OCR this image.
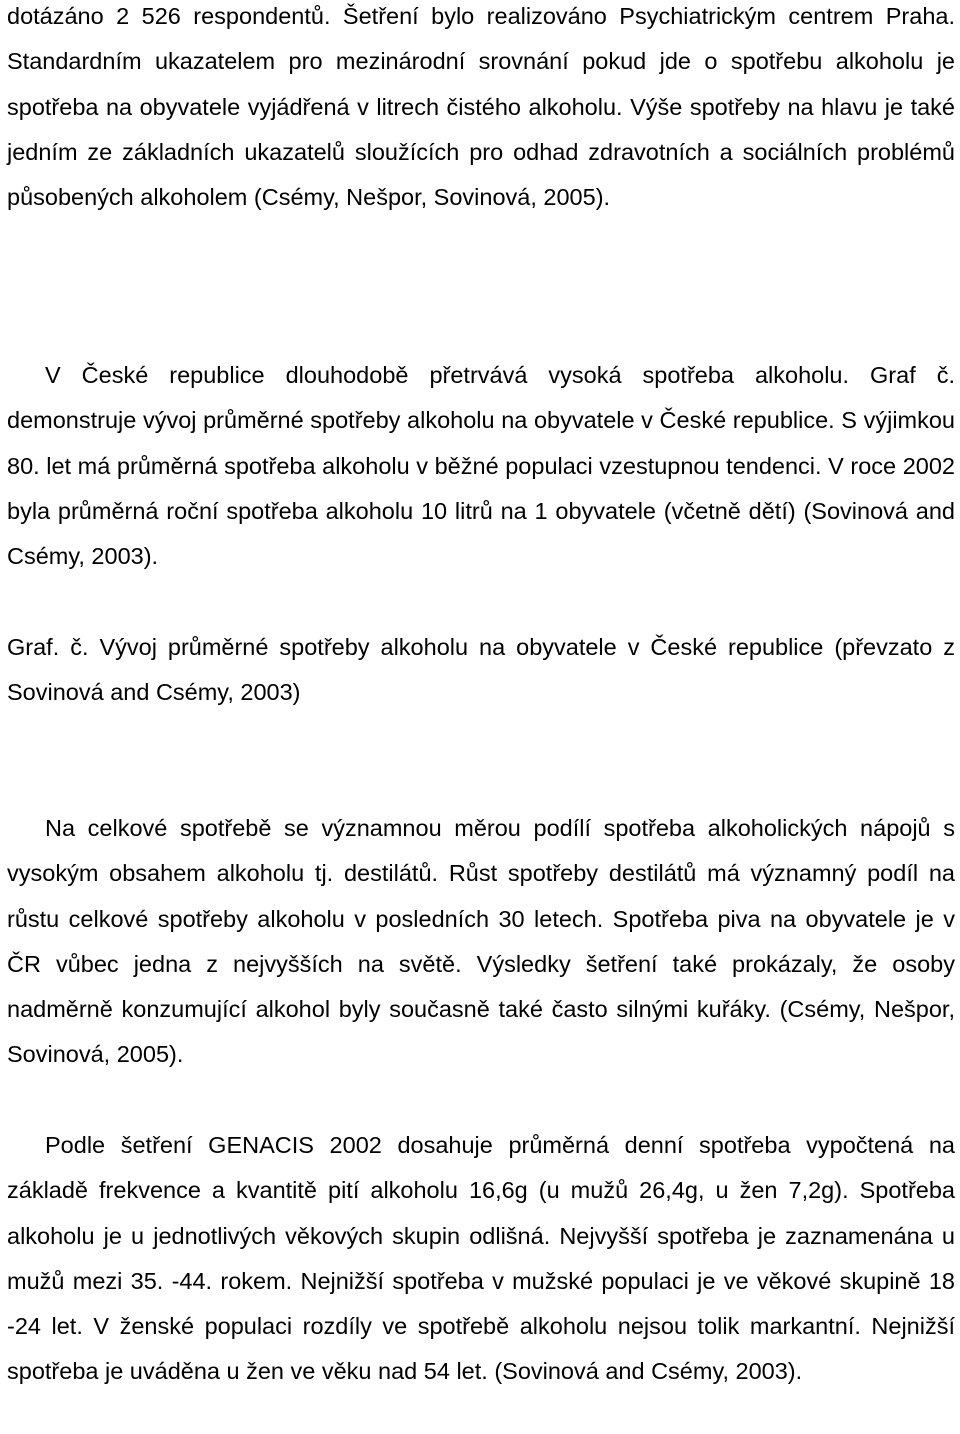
dotázáno 2 526 respondentů. Šetření bylo realizováno Psychiatrickým centrem Praha. Standardním ukazatelem pro mezinárodní srovnání pokud jde o spotřebu alkoholu je spotřeba na obyvatele vyjádřená v litrech čistého alkoholu. Výše spotřeby na hlavu je také jedním ze základních ukazatelů sloužících pro odhad zdravotních a sociálních problémů působených alkoholem (Csémy, Nešpor, Sovinová, 2005).

V České republice dlouhodobě přetrvává vysoká spotřeba alkoholu. Graf č. demonstruje vývoj průměrné spotřeby alkoholu na obyvatele v České republice. S výjimkou 80. let má průměrná spotřeba alkoholu v běžné populaci vzestupnou tendenci. V roce 2002 byla průměrná roční spotřeba alkoholu 10 litrů na 1 obyvatele (včetně dětí) (Sovinová and Csémy, 2003).

Graf. č. Vývoj průměrné spotřeby alkoholu na obyvatele v České republice (převzato z Sovinová and Csémy, 2003)

Na celkové spotřebě se významnou měrou podílí spotřeba alkoholických nápojů s vysokým obsahem alkoholu tj. destilátů. Růst spotřeby destilátů má významný podíl na růstu celkové spotřeby alkoholu v posledních 30 letech. Spotřeba piva na obyvatele je v ČR vůbec jedna z nejvyšších na světě. Výsledky šetření také prokázaly, že osoby nadměrně konzumující alkohol byly současně také často silnými kuřáky. (Csémy, Nešpor, Sovinová, 2005).

Podle šetření GENACIS 2002 dosahuje průměrná denní spotřeba vypočtená na základě frekvence a kvantitě pití alkoholu 16,6g (u mužů 26,4g, u žen 7,2g). Spotřeba alkoholu je u jednotlivých věkových skupin odlišná. Nejvyšší spotřeba je zaznamenána u mužů mezi 35. -44. rokem. Nejnižší spotřeba v mužské populaci je ve věkové skupině 18 -24 let. V ženské populaci rozdíly ve spotřebě alkoholu nejsou tolik markantní. Nejnižší spotřeba je uváděna u žen ve věku nad 54 let. (Sovinová and Csémy, 2003).
